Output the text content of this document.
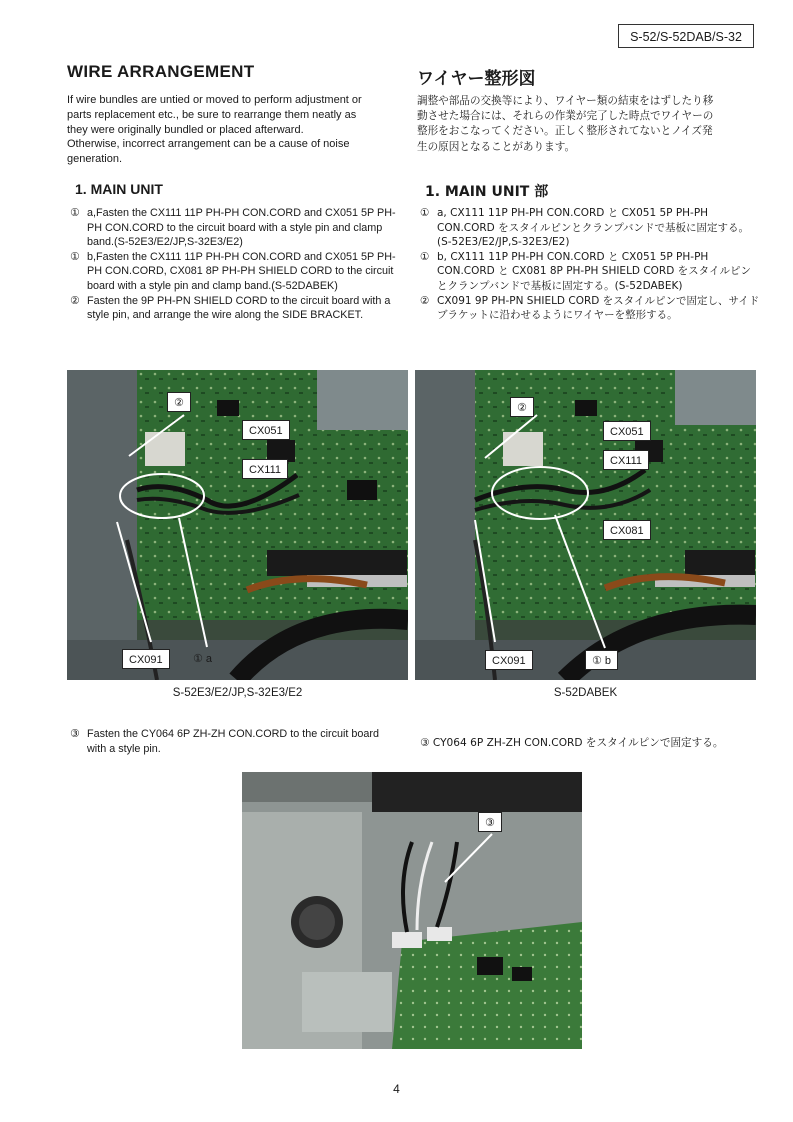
S-52/S-52DAB/S-32
WIRE ARRANGEMENT	ワイヤー整形図
If wire bundles are untied or moved to perform adjustment or
parts replacement etc., be sure to rearrange them neatly as
they were originally bundled or placed afterward.
Otherwise, incorrect arrangement can be a cause of noise
generation.
調整や部品の交換等により、ワイヤー類の結束をはずしたり移
動させた場合には、それらの作業が完了した時点でワイヤーの
整形をおこなってください。正しく整形されてないとノイズ発
生の原因となることがあります。
1. MAIN UNIT	1. MAIN UNIT 部
① a,Fasten the CX111 11P PH-PH CON.CORD and CX051 5P PH-PH CON.CORD to the circuit board with a style pin and clamp band.(S-52E3/E2/JP,S-32E3/E2)
① b,Fasten the CX111 11P PH-PH CON.CORD and CX051 5P PH-PH CON.CORD, CX081 8P PH-PH SHIELD CORD to the circuit board with a style pin and clamp band.(S-52DABEK)
② Fasten the 9P PH-PN SHIELD CORD to the circuit board with a style pin, and arrange the wire along the SIDE BRACKET.
① a, CX111 11P PH-PH CON.CORD と CX051 5P PH-PH CON.CORD をスタイルピンとクランプバンドで基板に固定する。(S-52E3/E2/JP,S-32E3/E2)
① b, CX111 11P PH-PH CON.CORD と CX051 5P PH-PH CON.CORD と CX081 8P PH-PH SHIELD CORD をスタイルピンとクランプバンドで基板に固定する。(S-52DABEK)
② CX091 9P PH-PN SHIELD CORD をスタイルピンで固定し、サイドブラケットに沿わせるようにワイヤーを整形する。
②
CX051
CX111
CX091	① a
S-52E3/E2/JP,S-32E3/E2
②
CX051
CX111
CX081
CX091	① b
S-52DABEK
③ Fasten the CY064 6P ZH-ZH CON.CORD to the circuit board with a style pin.	③ CY064 6P ZH-ZH CON.CORD をスタイルピンで固定する。
③
4
